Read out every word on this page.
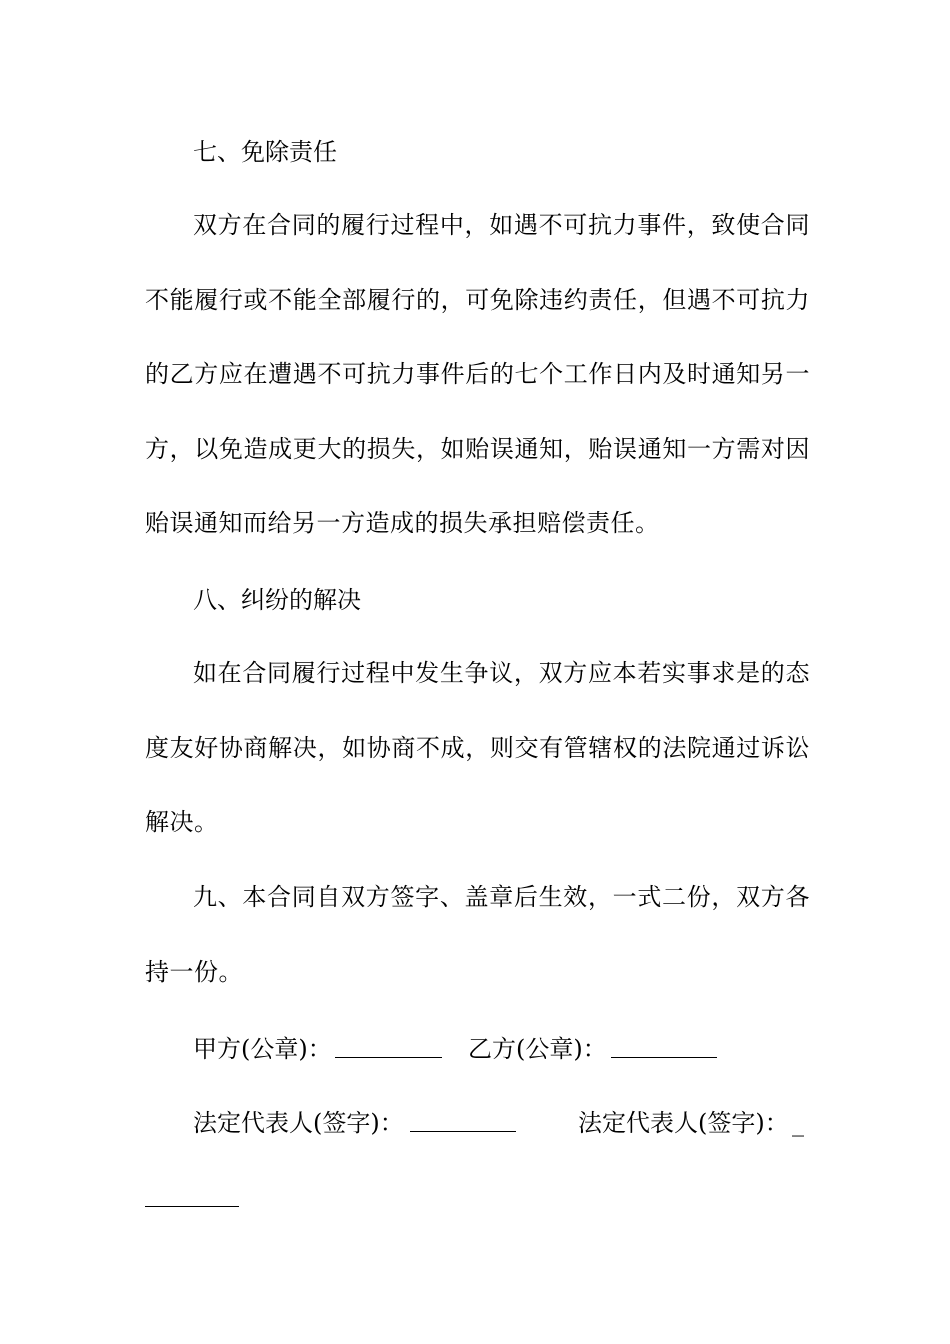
七、免除责任

双方在合同的履行过程中，如遇不可抗力事件，致使合同不能履行或不能全部履行的，可免除违约责任，但遇不可抗力的乙方应在遭遇不可抗力事件后的七个工作日内及时通知另一方，以免造成更大的损失，如贻误通知，贻误通知一方需对因贻误通知而给另一方造成的损失承担赔偿责任。

八、纠纷的解决

如在合同履行过程中发生争议，双方应本若实事求是的态度友好协商解决，如协商不成，则交有管辖权的法院通过诉讼解决。

九、本合同自双方签字、盖章后生效，一式二份，双方各持一份。

甲方(公章)：	乙方(公章)：
法定代表人(签字)：	法定代表人(签字)： _
